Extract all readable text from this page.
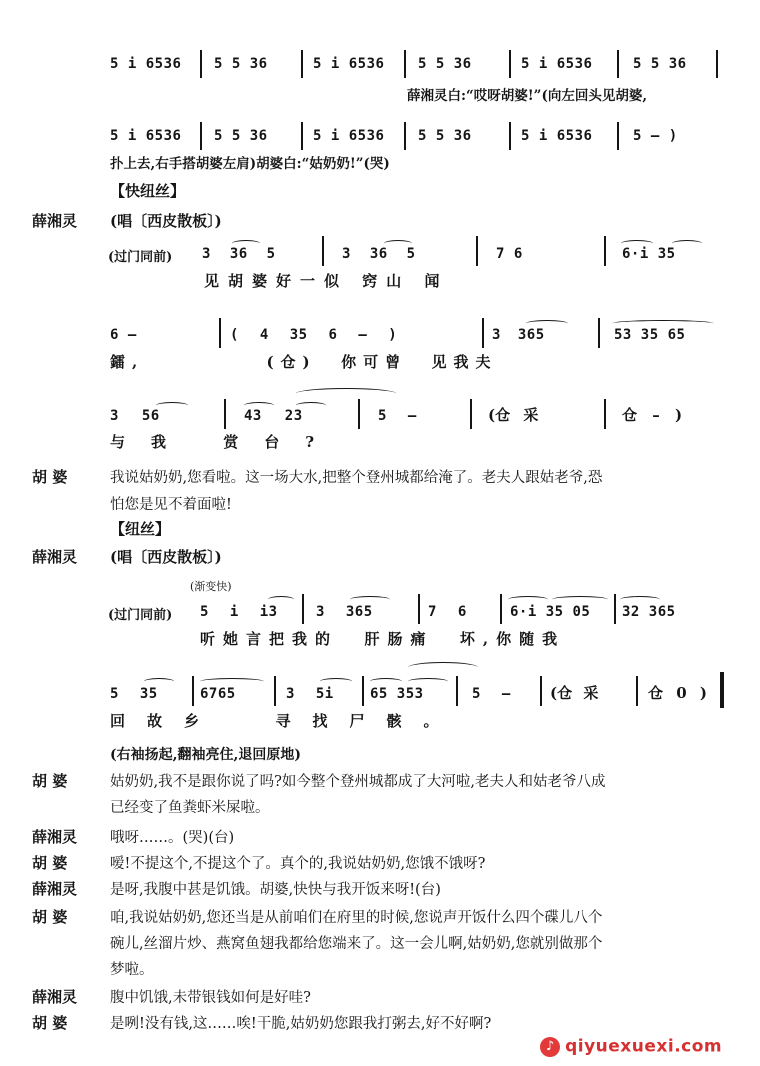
5 i 6536 5 5 36	5 i 6536 5 5 36	5 i 6536	5 5 36
薛湘灵白:“哎呀胡婆!”(向左回头见胡婆,
5 i 6536 5 5 36	5 i 6536 5 5 36	5 i 6536	5 – )
扑上去,右手搭胡婆左肩)胡婆白:“姑奶奶!”(哭)
【快纽丝】
薛湘灵 (唱〔西皮散板〕)
(过门同前) 3 36 5	3 36 5	7 6	6·i 35
见胡婆好一似 窍山 闻
6 –	( 4 35 6 – )	3 365	53 35 65
鐳,          (仓)  你可曾  见我夫
3 56	43 23	5 –	(仓 采	仓 – )
与我 赏台?
胡 婆	我说姑奶奶,您看啦。这一场大水,把整个登州城都给淹了。老夫人跟姑老爷,恐
怕您是见不着面啦!
【纽丝】
薛湘灵 (唱〔西皮散板〕)
(渐变快)
(过门同前) 5 i i3	3 365	7 6	6·i 35 05 32 365
听她言把我的  肝肠痛  坏,你随我
5 35	6765	3 5i	65 353	5 –	(仓 采	仓 0 )
回故乡  寻找尸骸。
(右袖扬起,翻袖亮住,退回原地)
胡 婆	姑奶奶,我不是跟你说了吗?如今整个登州城都成了大河啦,老夫人和姑老爷八成
已经变了鱼粪虾米屎啦。
薛湘灵 哦呀……。(哭)(台)
胡 婆	嗳!不提这个,不提这个了。真个的,我说姑奶奶,您饿不饿呀?
薛湘灵 是呀,我腹中甚是饥饿。胡婆,快快与我开饭来呀!(台)
胡 婆	咱,我说姑奶奶,您还当是从前咱们在府里的时候,您说声开饭什么四个碟儿八个
碗儿,丝溜片炒、燕窝鱼翅我都给您端来了。这一会儿啊,姑奶奶,您就别做那个
梦啦。
薛湘灵 腹中饥饿,未带银钱如何是好哇?
胡 婆	是咧!没有钱,这……唉!干脆,姑奶奶您跟我打粥去,好不好啊?
♪ qiyuexuexi.com
